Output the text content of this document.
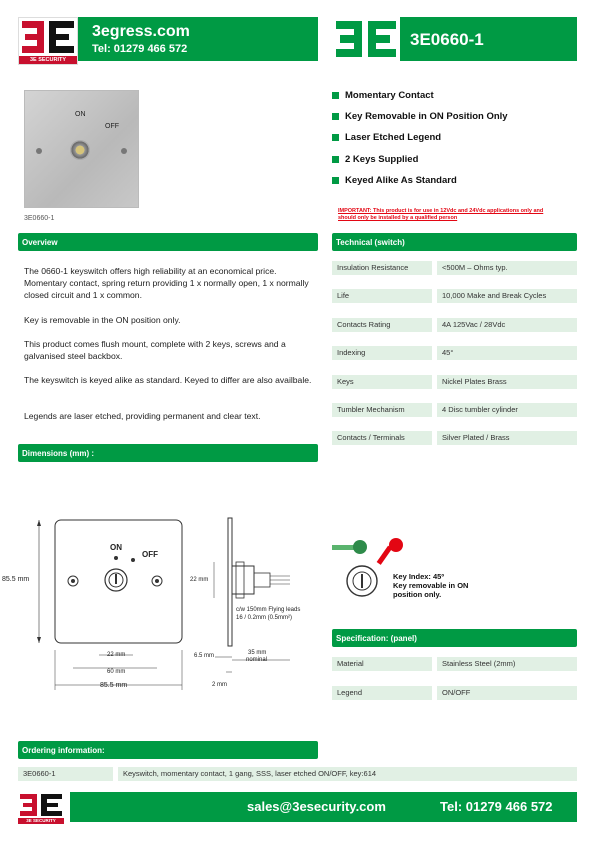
3E SECURITY
3egress.com
Tel: 01279 466 572	3E0660-1
ON
OFF
3E0660-1
Momentary Contact
Key Removable in ON Position Only
Laser Etched Legend
2 Keys Supplied
Keyed Alike As Standard
IMPORTANT: This product is for use in 12Vdc and 24Vdc applications only and should only be installed by a qualified person
Overview

The 0660-1 keyswitch offers high reliability at an economical price. Momentary contact, spring return providing 1 x normally open, 1 x normally closed circuit and 1 x common.

Key is removable in the ON position only.

This product comes flush mount, complete with 2 keys, screws and a galvanised steel backbox.

The keyswitch is keyed alike as standard. Keyed to differ are also availbale.

Legends are laser etched, providing permanent and clear text.

Technical (switch)
Insulation Resistance	<500M – Ohms typ.
Life	10,000 Make and Break Cycles
Contacts Rating	4A 125Vac / 28Vdc
Indexing	45°
Keys	Nickel Plates Brass
Tumbler Mechanism	4 Disc tumbler cylinder
Contacts / Terminals	Silver Plated / Brass
Dimensions (mm) :
ON
OFF
85.5 mm
22 mm
60 mm
85.5 mm
22 mm
c/w 150mm Flying leads
16 / 0.2mm (0.5mm²)
6.5 mm	35 mm
nominal
2 mm
Key Index: 45º
Key removable in ON
position only.
Specification: (panel)
Material	Stainless Steel (2mm)
Legend	ON/OFF
Ordering information:
3E0660-1	Keyswitch, momentary contact, 1 gang, SSS, laser etched ON/OFF, key:614
3E SECURITY
sales@3esecurity.com	Tel: 01279 466 572
